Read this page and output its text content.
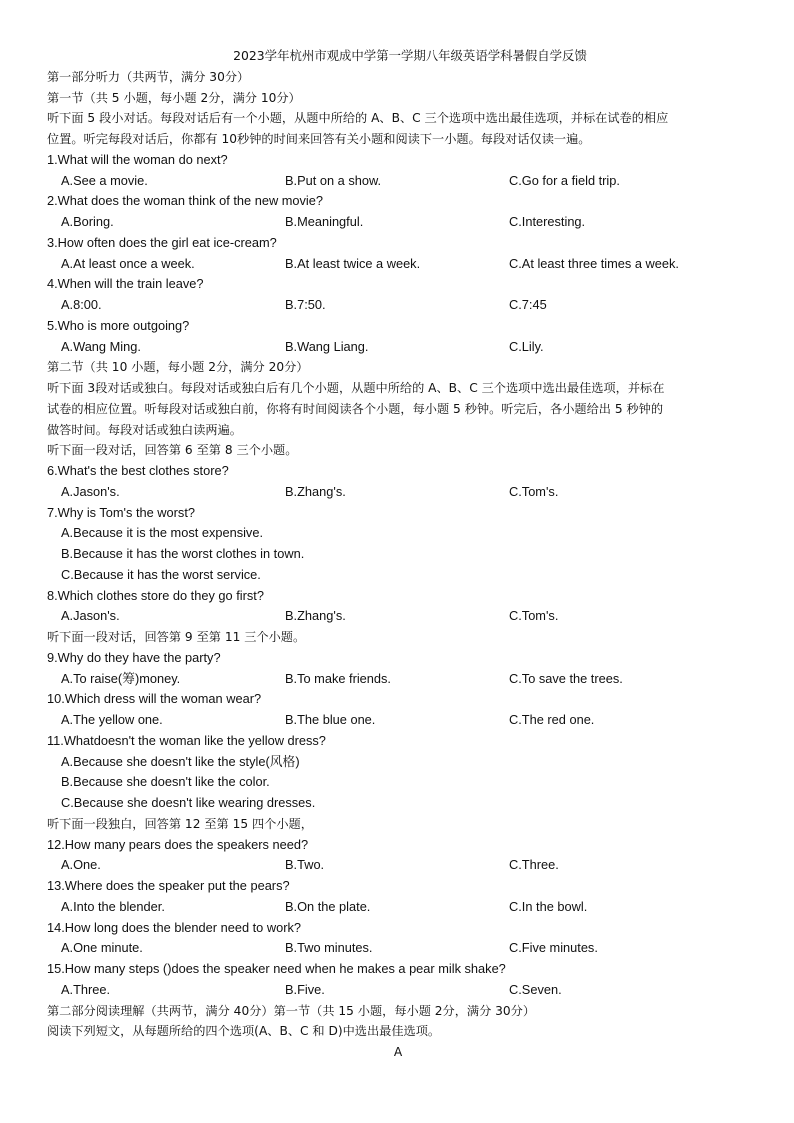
2023学年杭州市观成中学第一学期八年级英语学科暑假自学反馈
第一部分听力（共两节，满分 30分）
第一节（共 5 小题，每小题 2分，满分 10分）
听下面 5 段小对话。每段对话后有一个小题，从题中所给的 A、B、C 三个选项中选出最佳选项，并标在试卷的相应
位置。听完每段对话后，你都有 10秒钟的时间来回答有关小题和阅读下一小题。每段对话仅读一遍。
1.What will the woman do next?
A.See a movie.	B.Put on a show.	C.Go for a field trip.
2.What does the woman think of the new movie?
A.Boring.	B.Meaningful.	C.Interesting.
3.How often does the girl eat ice-cream?
A.At least once a week.	B.At least twice a week.	C.At least three times a week.
4.When will the train leave?
A.8:00.	B.7:50.	C.7:45
5.Who is more outgoing?
A.Wang Ming.	B.Wang Liang.	C.Lily.
第二节（共 10 小题，每小题 2分，满分 20分）
听下面 3段对话或独白。每段对话或独白后有几个小题，从题中所给的 A、B、C 三个选项中选出最佳选项，并标在
试卷的相应位置。听每段对话或独白前，你将有时间阅读各个小题，每小题 5 秒钟。听完后，各小题给出 5 秒钟的
做答时间。每段对话或独白读两遍。
听下面一段对话，回答第 6 至第 8 三个小题。
6.What's the best clothes store?
A.Jason's.	B.Zhang's.	C.Tom's.
7.Why is Tom's the worst?
A.Because it is the most expensive.
B.Because it has the worst clothes in town.
C.Because it has the worst service.
8.Which clothes store do they go first?
A.Jason's.	B.Zhang's.	C.Tom's.
听下面一段对话，回答第 9 至第 11 三个小题。
9.Why do they have the party?
A.To raise(筹)money.	B.To make friends.	C.To save the trees.
10.Which dress will the woman wear?
A.The yellow one.	B.The blue one.	C.The red one.
11.Whatdoesn't the woman like the yellow dress?
A.Because she doesn't like the style(风格)
B.Because she doesn't like the color.
C.Because she doesn't like wearing dresses.
听下面一段独白，回答第 12 至第 15 四个小题，
12.How many pears does the speakers need?
A.One.	B.Two.	C.Three.
13.Where does the speaker put the pears?
A.Into the blender.	B.On the plate.	C.In the bowl.
14.How long does the blender need to work?
A.One minute.	B.Two minutes.	C.Five minutes.
15.How many steps ()does the speaker need when he makes a pear milk shake?
A.Three.	B.Five.	C.Seven.
第二部分阅读理解（共两节，满分 40分）第一节（共 15 小题，每小题 2分，满分 30分）
阅读下列短文，从每题所给的四个选项(A、B、C 和 D)中选出最佳选项。
A
